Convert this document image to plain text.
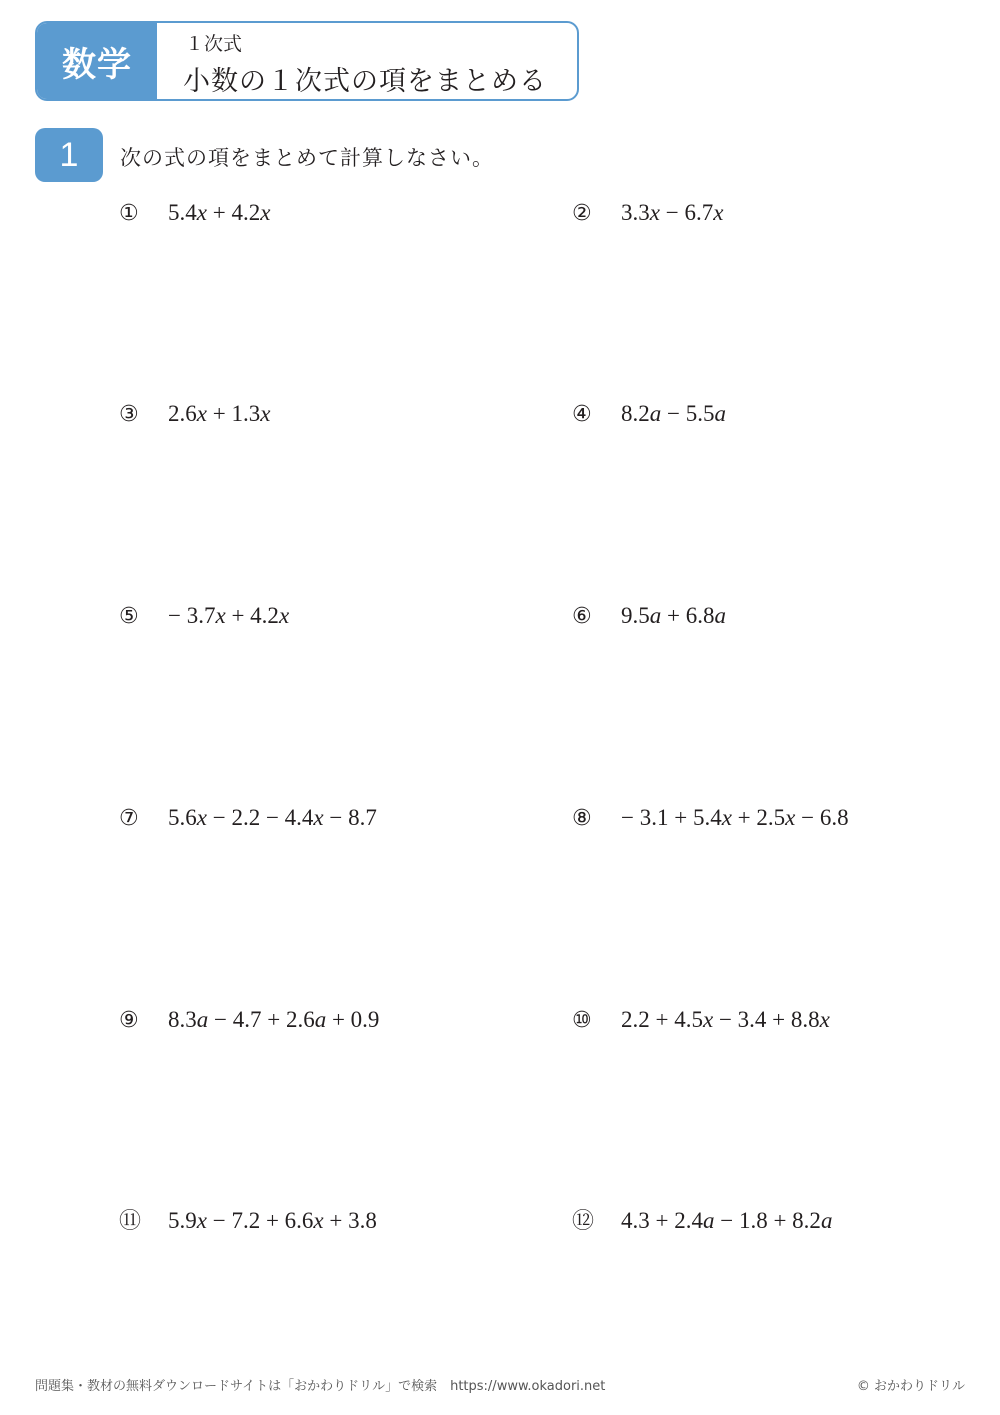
数学
１次式
小数の１次式の項をまとめる
1	次の式の項をまとめて計算しなさい。
① 5.4x + 4.2x	② 3.3x − 6.7x
③ 2.6x + 1.3x	④ 8.2a − 5.5a
⑤ − 3.7x + 4.2x	⑥ 9.5a + 6.8a
⑦ 5.6x − 2.2 − 4.4x − 8.7	⑧ − 3.1 + 5.4x + 2.5x − 6.8
⑨ 8.3a − 4.7 + 2.6a + 0.9	⑩ 2.2 + 4.5x − 3.4 + 8.8x
⑪ 5.9x − 7.2 + 6.6x + 3.8	⑫ 4.3 + 2.4a − 1.8 + 8.2a
問題集・教材の無料ダウンロードサイトは「おかわりドリル」で検索　https://www.okadori.net	© おかわりドリル
